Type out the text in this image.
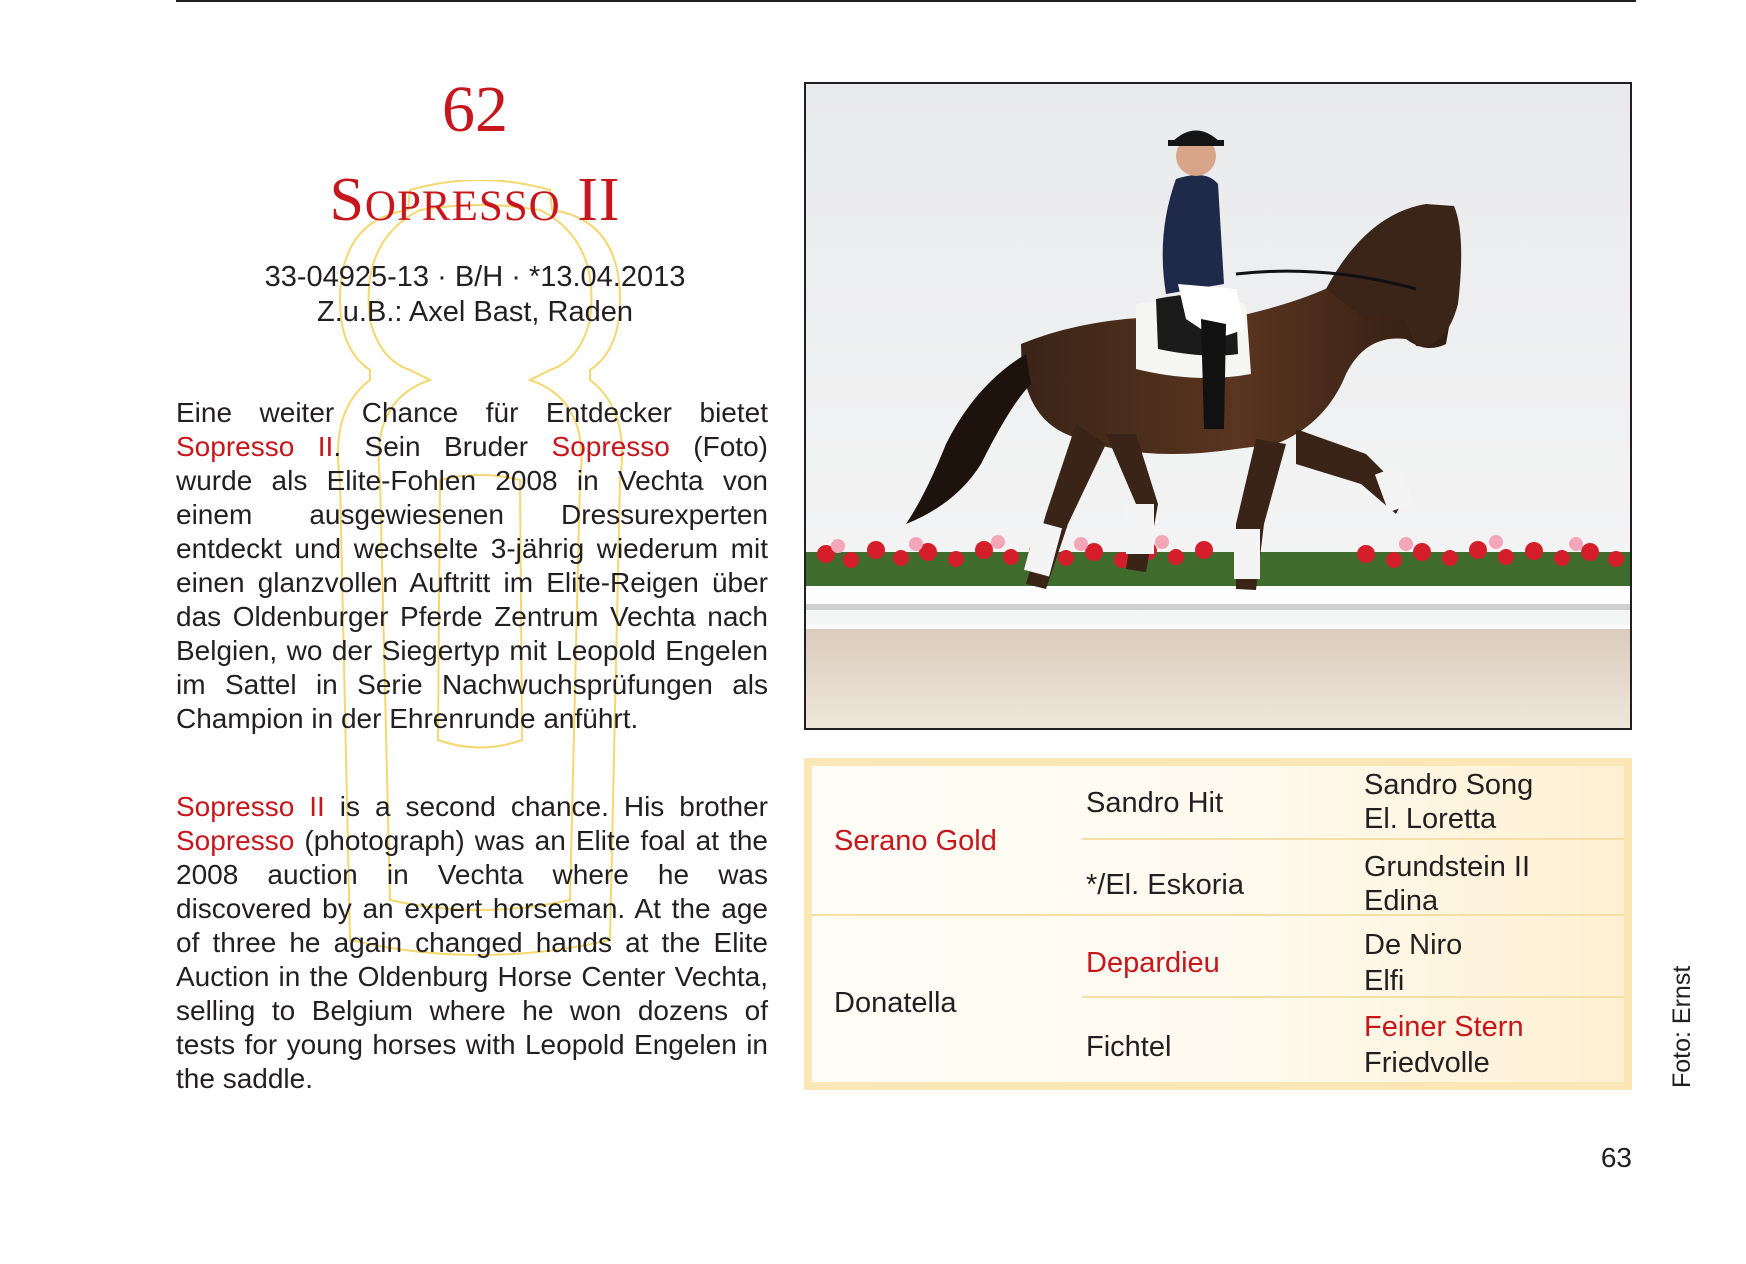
62
Sopresso II
33-04925-13 · B/H · *13.04.2013
Z.u.B.: Axel Bast, Raden

Eine weiter Chance für Entdecker bietet Sopresso II. Sein Bruder Sopresso (Foto) wurde als Elite-Fohlen 2008 in Vechta von einem ausgewiesenen Dressurexperten entdeckt und wechselte 3-jährig wiederum mit einen glanzvollen Auftritt im Elite-Reigen über das Oldenburger Pferde Zentrum Vechta nach Belgien, wo der Siegertyp mit Leopold Engelen im Sattel in Serie Nachwuchsprüfungen als Champion in der Ehrenrunde anführt.

Sopresso II is a second chance. His brother Sopresso (photograph) was an Elite foal at the 2008 auction in Vechta where he was discovered by an expert horseman. At the age of three he again changed hands at the Elite Auction in the Oldenburg Horse Center Vechta, selling to Belgium where he won dozens of tests for young horses with Leopold Engelen in the saddle.

Serano Gold
Donatella
Sandro Hit
*/El. Eskoria
Depardieu
Fichtel
Sandro Song
El. Loretta
Grundstein II
Edina
De Niro
Elfi
Feiner Stern
Friedvolle	Foto: Ernst
63
